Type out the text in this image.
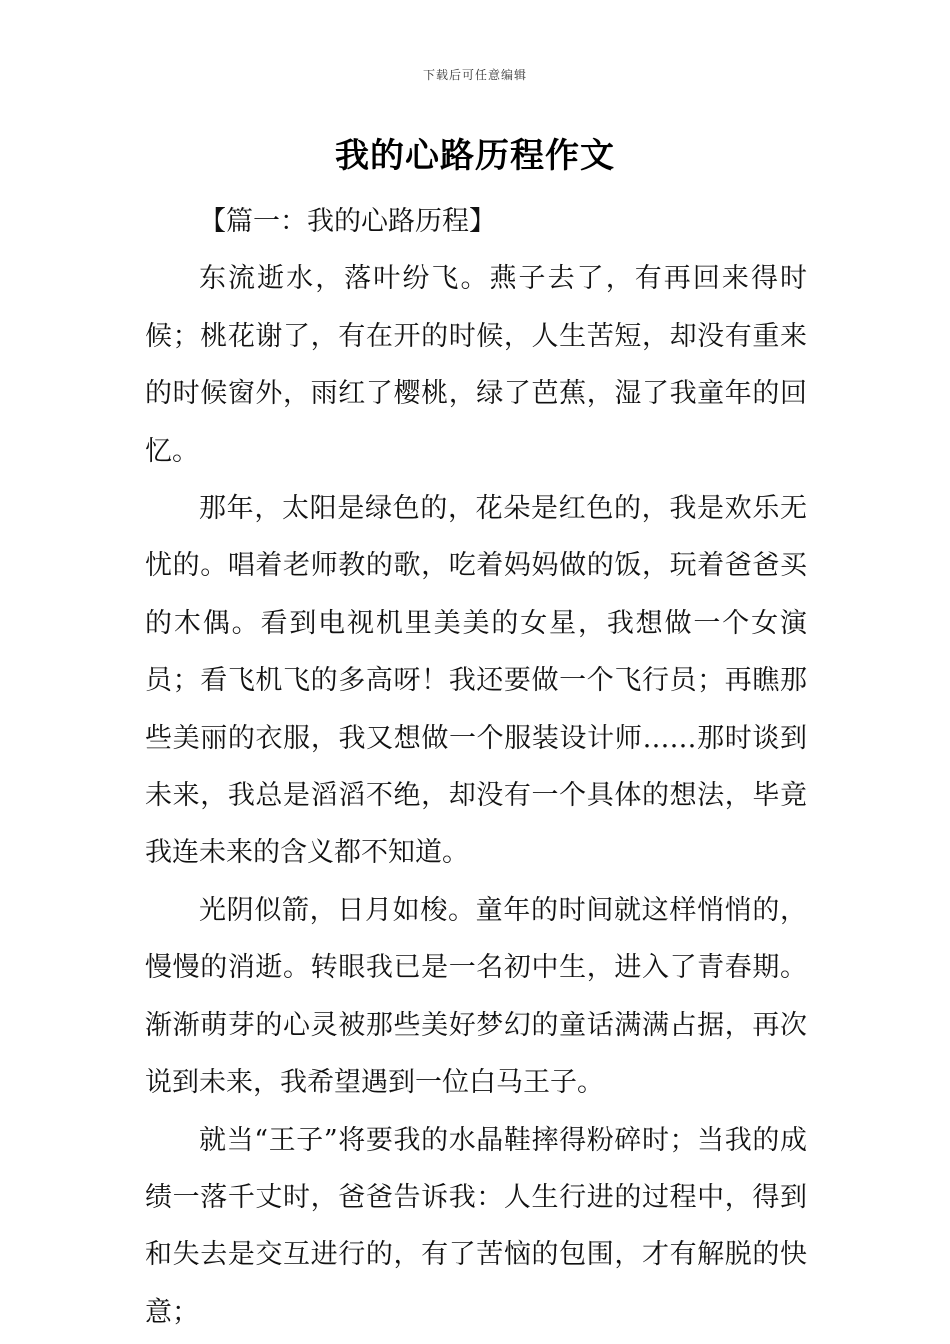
下载后可任意编辑
我的心路历程作文

【篇一：我的心路历程】

东流逝水，落叶纷飞。燕子去了，有再回来得时候；桃花谢了，有在开的时候，人生苦短，却没有重来的时候窗外，雨红了樱桃，绿了芭蕉，湿了我童年的回忆。

那年，太阳是绿色的，花朵是红色的，我是欢乐无忧的。唱着老师教的歌，吃着妈妈做的饭，玩着爸爸买的木偶。看到电视机里美美的女星，我想做一个女演员；看飞机飞的多高呀！我还要做一个飞行员；再瞧那些美丽的衣服，我又想做一个服装设计师……那时谈到未来，我总是滔滔不绝，却没有一个具体的想法，毕竟我连未来的含义都不知道。

光阴似箭，日月如梭。童年的时间就这样悄悄的，慢慢的消逝。转眼我已是一名初中生，进入了青春期。渐渐萌芽的心灵被那些美好梦幻的童话满满占据，再次说到未来，我希望遇到一位白马王子。

就当“王子”将要我的水晶鞋摔得粉碎时；当我的成绩一落千丈时，爸爸告诉我：人生行进的过程中，得到和失去是交互进行的，有了苦恼的包围，才有解脱的快意；
